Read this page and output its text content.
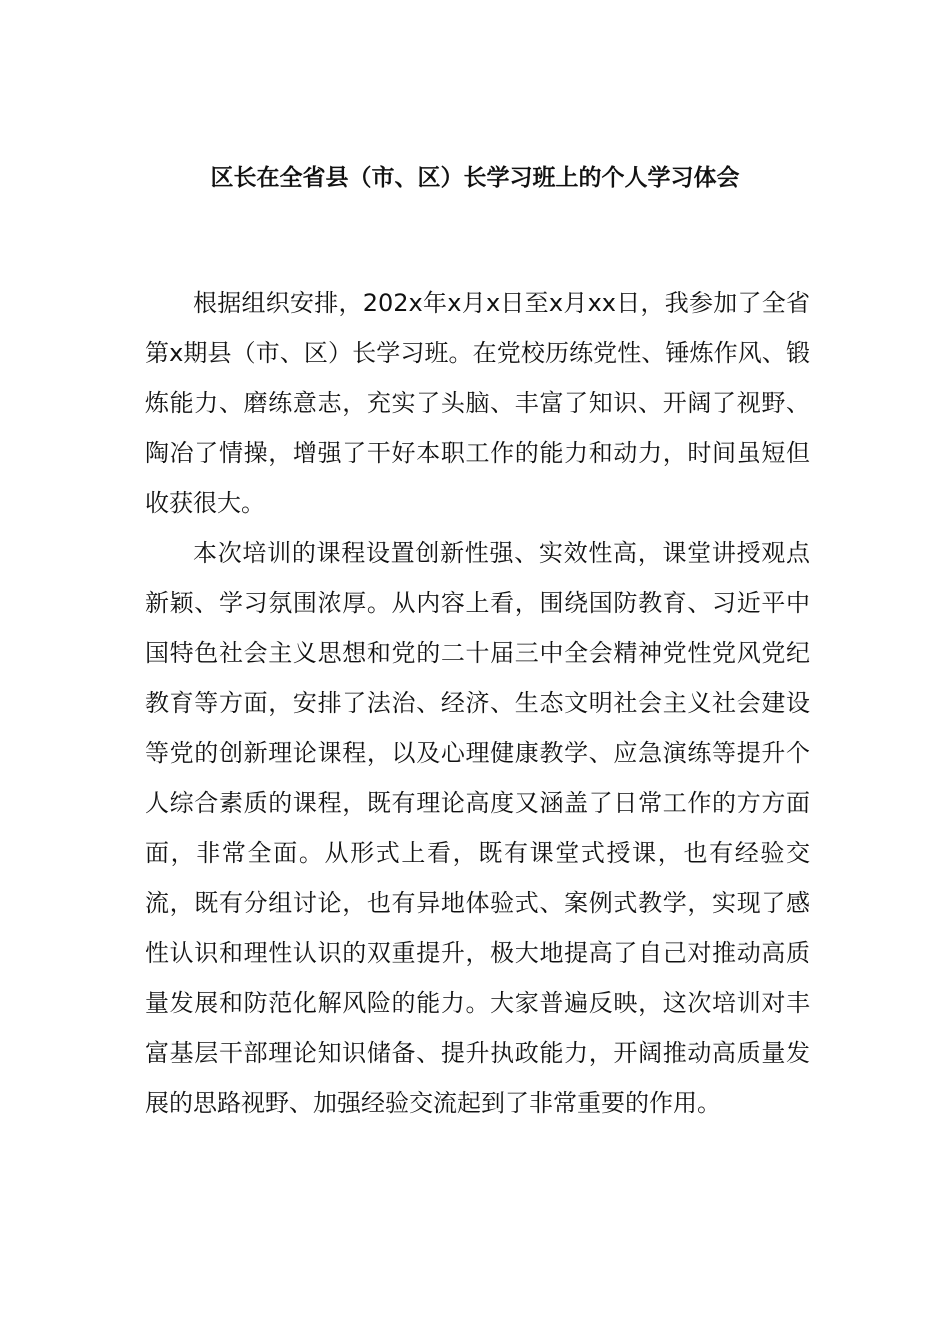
区长在全省县（市、区）长学习班上的个人学习体会

根据组织安排，202x年x月x日至x月xx日，我参加了全省第x期县（市、区）长学习班。在党校历练党性、锤炼作风、锻炼能力、磨练意志，充实了头脑、丰富了知识、开阔了视野、陶冶了情操，增强了干好本职工作的能力和动力，时间虽短但收获很大。

本次培训的课程设置创新性强、实效性高，课堂讲授观点新颖、学习氛围浓厚。从内容上看，围绕国防教育、习近平中国特色社会主义思想和党的二十届三中全会精神党性党风党纪教育等方面，安排了法治、经济、生态文明社会主义社会建设等党的创新理论课程，以及心理健康教学、应急演练等提升个人综合素质的课程，既有理论高度又涵盖了日常工作的方方面面，非常全面。从形式上看，既有课堂式授课，也有经验交流，既有分组讨论，也有异地体验式、案例式教学，实现了感性认识和理性认识的双重提升，极大地提高了自己对推动高质量发展和防范化解风险的能力。大家普遍反映，这次培训对丰富基层干部理论知识储备、提升执政能力，开阔推动高质量发展的思路视野、加强经验交流起到了非常重要的作用。
